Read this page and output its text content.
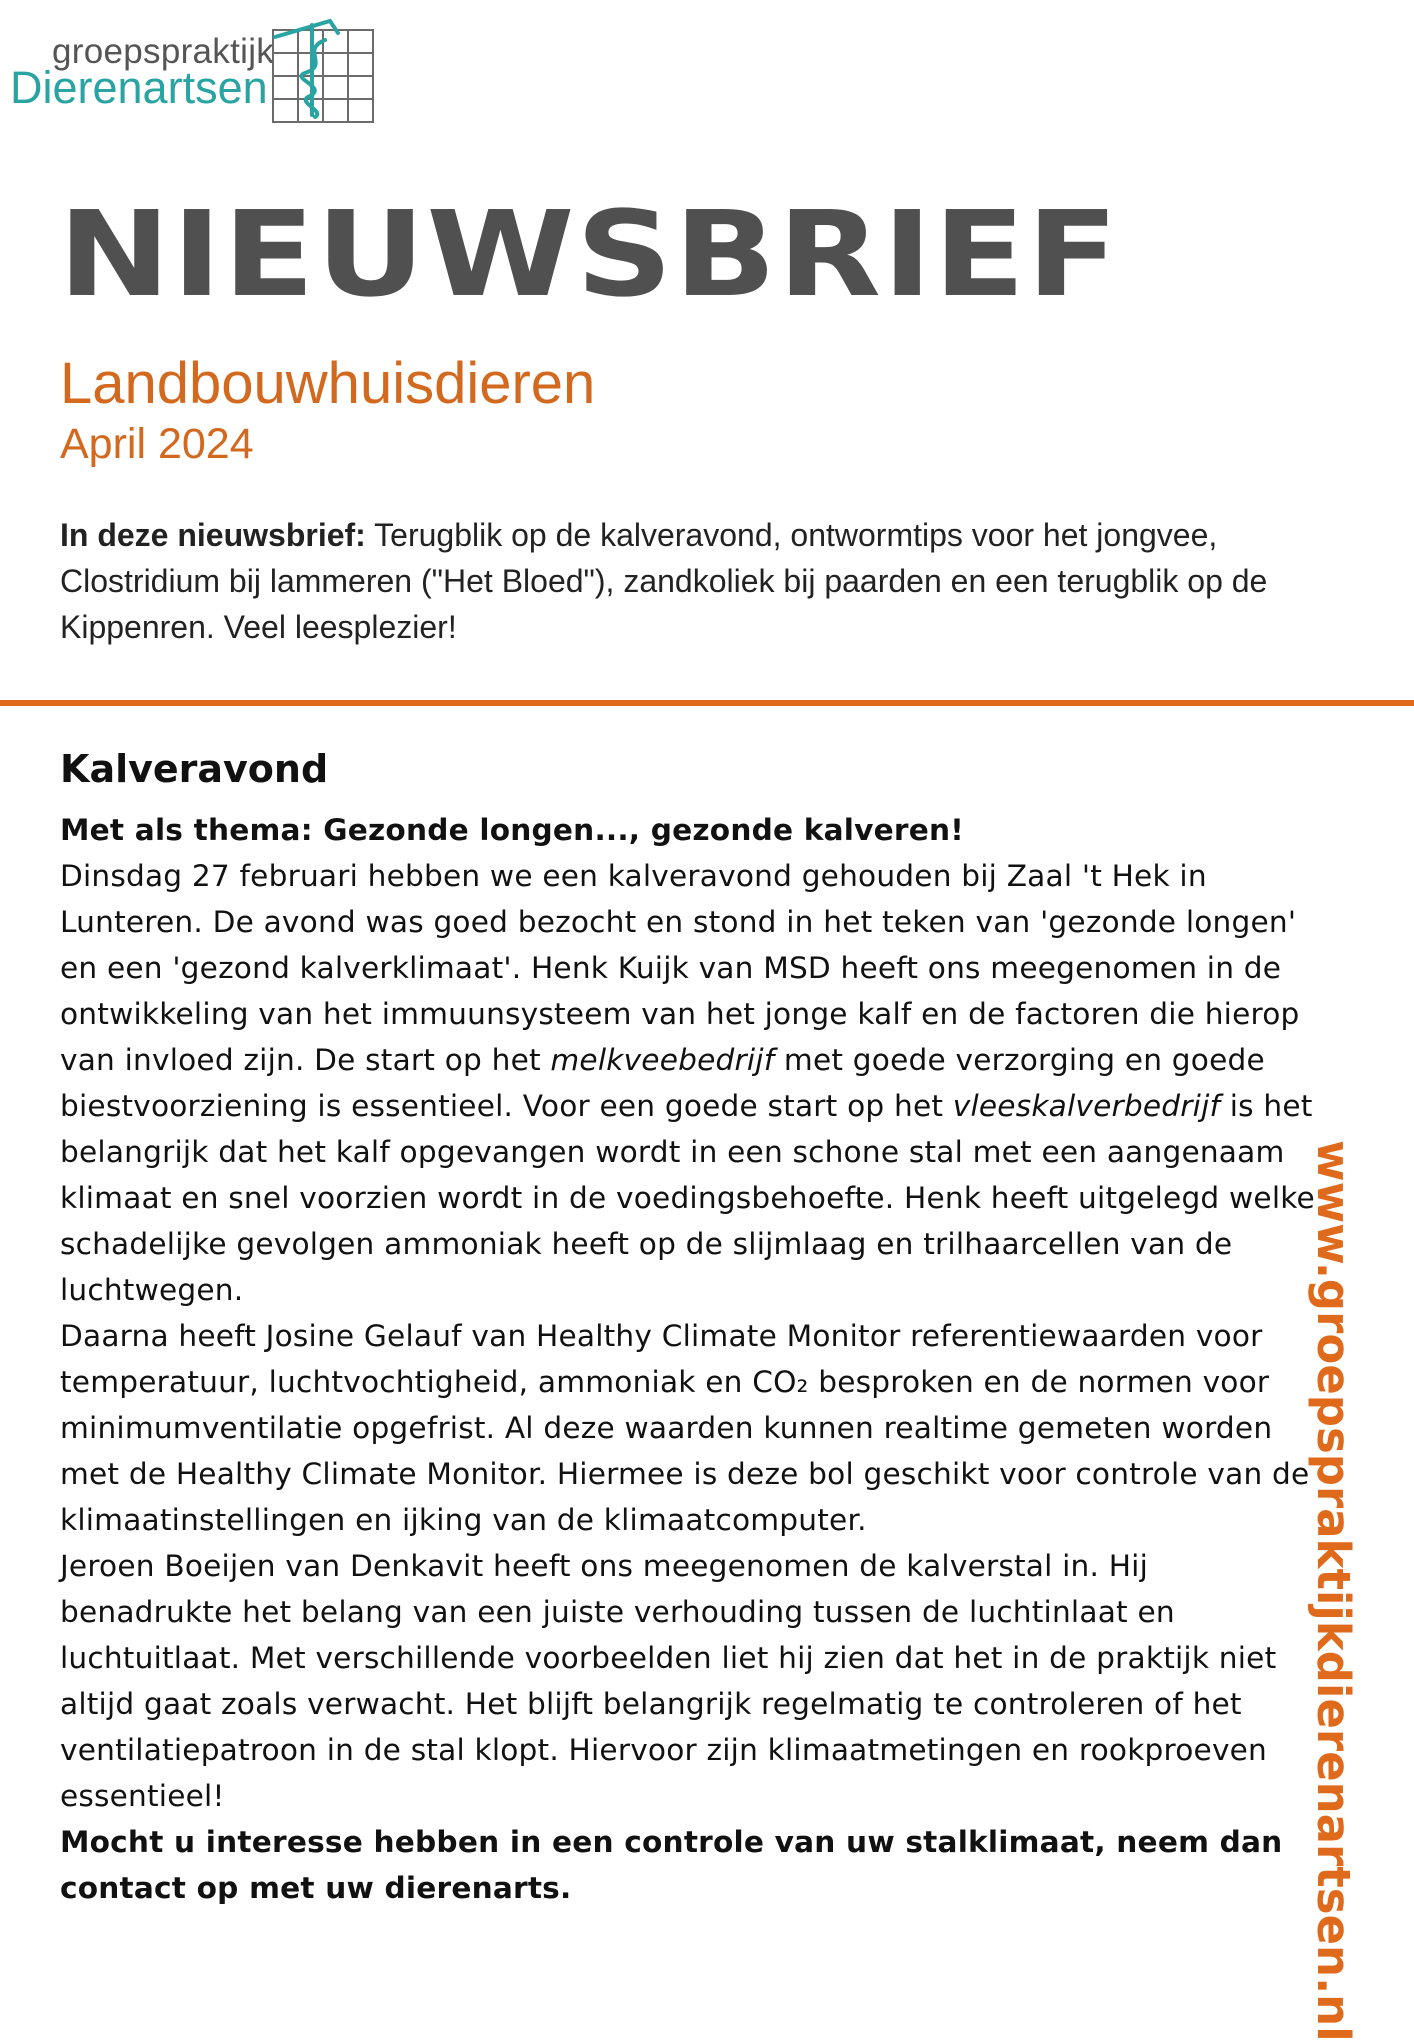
groepspraktijk
Dierenartsen
NIEUWSBRIEF
Landbouwhuisdieren
April 2024
In deze nieuwsbrief: Terugblik op de kalveravond, ontwormtips voor het jongvee, Clostridium bij lammeren ("Het Bloed"), zandkoliek bij paarden en een terugblik op de Kippenren. Veel leesplezier!
Kalveravond

Met als thema: Gezonde longen..., gezonde kalveren!

Dinsdag 27 februari hebben we een kalveravond gehouden bij Zaal 't Hek in Lunteren. De avond was goed bezocht en stond in het teken van 'gezonde longen' en een 'gezond kalverklimaat'. Henk Kuijk van MSD heeft ons meegenomen in de ontwikkeling van het immuunsysteem van het jonge kalf en de factoren die hierop van invloed zijn. De start op het melkveebedrijf met goede verzorging en goede biestvoorziening is essentieel. Voor een goede start op het vleeskalverbedrijf is het belangrijk dat het kalf opgevangen wordt in een schone stal met een aangenaam klimaat en snel voorzien wordt in de voedingsbehoefte. Henk heeft uitgelegd welke schadelijke gevolgen ammoniak heeft op de slijmlaag en trilhaarcellen van de luchtwegen.

Daarna heeft Josine Gelauf van Healthy Climate Monitor referentiewaarden voor temperatuur, luchtvochtigheid, ammoniak en CO₂ besproken en de normen voor minimumventilatie opgefrist. Al deze waarden kunnen realtime gemeten worden met de Healthy Climate Monitor. Hiermee is deze bol geschikt voor controle van de klimaatinstellingen en ijking van de klimaatcomputer.

Jeroen Boeijen van Denkavit heeft ons meegenomen de kalverstal in. Hij benadrukte het belang van een juiste verhouding tussen de luchtinlaat en luchtuitlaat. Met verschillende voorbeelden liet hij zien dat het in de praktijk niet altijd gaat zoals verwacht. Het blijft belangrijk regelmatig te controleren of het ventilatiepatroon in de stal klopt. Hiervoor zijn klimaatmetingen en rookproeven essentieel!

Mocht u interesse hebben in een controle van uw stalklimaat, neem dan contact op met uw dierenarts.	www.groepspraktijkdierenartsen.nl
